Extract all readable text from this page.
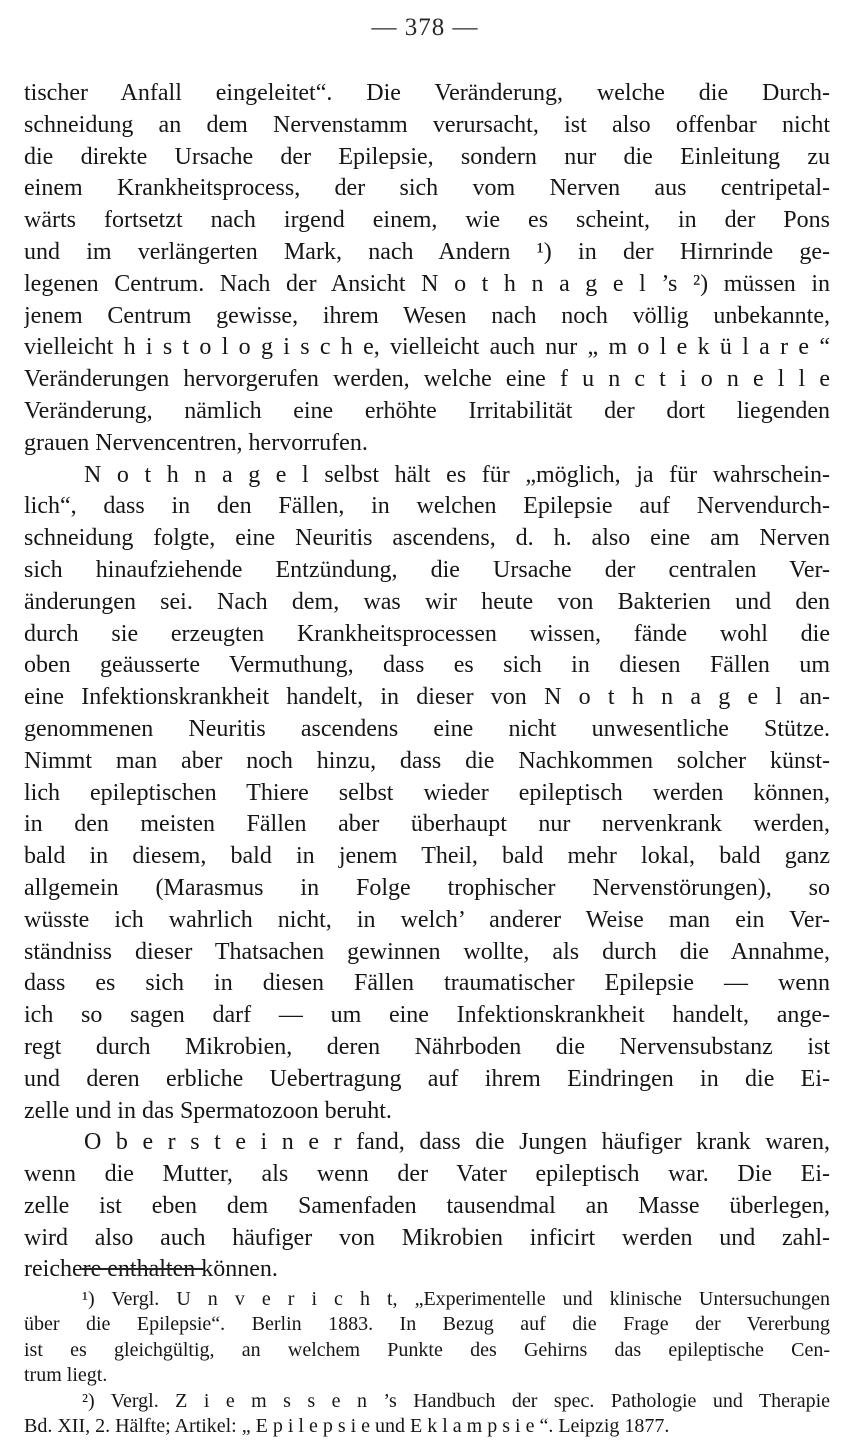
— 378 —
tischer Anfall eingeleitet“. Die Veränderung, welche die Durch-
schneidung an dem Nervenstamm verursacht, ist also offenbar nicht
die direkte Ursache der Epilepsie, sondern nur die Einleitung zu
einem Krankheitsprocess, der sich vom Nerven aus centripetal-
wärts fortsetzt nach irgend einem, wie es scheint, in der Pons
und im verlängerten Mark, nach Andern ¹) in der Hirnrinde ge-
legenen Centrum. Nach der Ansicht N o t h n a g e l ’s ²) müssen in
jenem Centrum gewisse, ihrem Wesen nach noch völlig unbekannte,
vielleicht h i s t o l o g i s c h e, vielleicht auch nur „ m o l e k ü l a r e “
Veränderungen hervorgerufen werden, welche eine f u n c t i o n e l l e
Veränderung, nämlich eine erhöhte Irritabilität der dort liegenden
grauen Nervencentren, hervorrufen.
N o t h n a g e l selbst hält es für „möglich, ja für wahrschein-
lich“, dass in den Fällen, in welchen Epilepsie auf Nervendurch-
schneidung folgte, eine Neuritis ascendens, d. h. also eine am Nerven
sich hinaufziehende Entzündung, die Ursache der centralen Ver-
änderungen sei. Nach dem, was wir heute von Bakterien und den
durch sie erzeugten Krankheitsprocessen wissen, fände wohl die
oben geäusserte Vermuthung, dass es sich in diesen Fällen um
eine Infektionskrankheit handelt, in dieser von N o t h n a g e l an-
genommenen Neuritis ascendens eine nicht unwesentliche Stütze.
Nimmt man aber noch hinzu, dass die Nachkommen solcher künst-
lich epileptischen Thiere selbst wieder epileptisch werden können,
in den meisten Fällen aber überhaupt nur nervenkrank werden,
bald in diesem, bald in jenem Theil, bald mehr lokal, bald ganz
allgemein (Marasmus in Folge trophischer Nervenstörungen), so
wüsste ich wahrlich nicht, in welch’ anderer Weise man ein Ver-
ständniss dieser Thatsachen gewinnen wollte, als durch die Annahme,
dass es sich in diesen Fällen traumatischer Epilepsie — wenn
ich so sagen darf — um eine Infektionskrankheit handelt, ange-
regt durch Mikrobien, deren Nährboden die Nervensubstanz ist
und deren erbliche Uebertragung auf ihrem Eindringen in die Ei-
zelle und in das Spermatozoon beruht.
O b e r s t e i n e r fand, dass die Jungen häufiger krank waren,
wenn die Mutter, als wenn der Vater epileptisch war. Die Ei-
zelle ist eben dem Samenfaden tausendmal an Masse überlegen,
wird also auch häufiger von Mikrobien inficirt werden und zahl-
reichere enthalten können.
¹) Vergl. U n v e r i c h t, „Experimentelle und klinische Untersuchungen
über die Epilepsie“. Berlin 1883. In Bezug auf die Frage der Vererbung
ist es gleichgültig, an welchem Punkte des Gehirns das epileptische Cen-
trum liegt.
²) Vergl. Z i e m s s e n ’s Handbuch der spec. Pathologie und Therapie
Bd. XII, 2. Hälfte; Artikel: „ E p i l e p s i e und E k l a m p s i e “. Leipzig 1877.
